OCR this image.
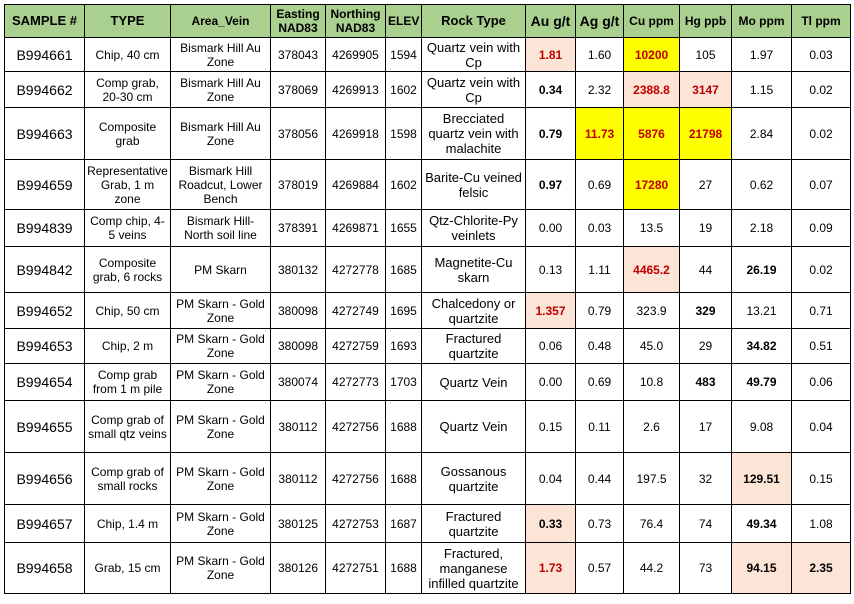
SAMPLE #	TYPE	Area_Vein	Easting NAD83	Northing NAD83	ELEV	Rock Type	Au g/t	Ag g/t	Cu ppm	Hg ppb	Mo ppm	Tl ppm
B994661	Chip, 40 cm	Bismark Hill Au Zone	378043	4269905	1594	Quartz vein with Cp	1.81	1.60	10200	105	1.97	0.03
B994662	Comp grab, 20-30 cm	Bismark Hill Au Zone	378069	4269913	1602	Quartz vein with Cp	0.34	2.32	2388.8	3147	1.15	0.02
B994663	Composite grab	Bismark Hill Au Zone	378056	4269918	1598	Brecciated quartz vein with malachite	0.79	11.73	5876	21798	2.84	0.02
B994659	Representative Grab, 1 m zone	Bismark Hill Roadcut, Lower Bench	378019	4269884	1602	Barite-Cu veined felsic	0.97	0.69	17280	27	0.62	0.07
B994839	Comp chip, 4-5 veins	Bismark Hill-North soil line	378391	4269871	1655	Qtz-Chlorite-Py veinlets	0.00	0.03	13.5	19	2.18	0.09
B994842	Composite grab, 6 rocks	PM Skarn	380132	4272778	1685	Magnetite-Cu skarn	0.13	1.11	4465.2	44	26.19	0.02
B994652	Chip, 50 cm	PM Skarn - Gold Zone	380098	4272749	1695	Chalcedony or quartzite	1.357	0.79	323.9	329	13.21	0.71
B994653	Chip, 2 m	PM Skarn - Gold Zone	380098	4272759	1693	Fractured quartzite	0.06	0.48	45.0	29	34.82	0.51
B994654	Comp grab from 1 m pile	PM Skarn - Gold Zone	380074	4272773	1703	Quartz Vein	0.00	0.69	10.8	483	49.79	0.06
B994655	Comp grab of small qtz veins	PM Skarn - Gold Zone	380112	4272756	1688	Quartz Vein	0.15	0.11	2.6	17	9.08	0.04
B994656	Comp grab of small rocks	PM Skarn - Gold Zone	380112	4272756	1688	Gossanous quartzite	0.04	0.44	197.5	32	129.51	0.15
B994657	Chip, 1.4 m	PM Skarn - Gold Zone	380125	4272753	1687	Fractured quartzite	0.33	0.73	76.4	74	49.34	1.08
B994658	Grab, 15 cm	PM Skarn - Gold Zone	380126	4272751	1688	Fractured, manganese infilled quartzite	1.73	0.57	44.2	73	94.15	2.35
